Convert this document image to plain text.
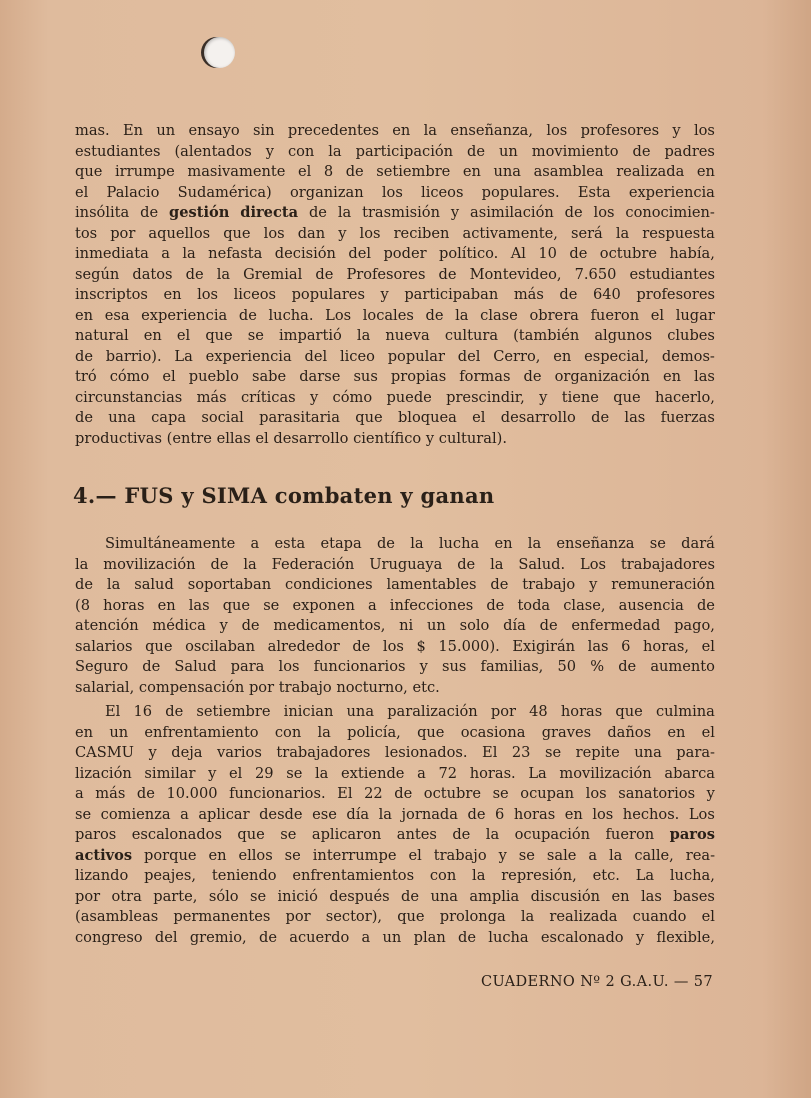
mas. En un ensayo sin precedentes en la enseñanza, los profesores y los
estudiantes (alentados y con la participación de un movimiento de padres
que irrumpe masivamente el 8 de setiembre en una asamblea realizada en
el Palacio Sudamérica) organizan los liceos populares. Esta experiencia
insólita de gestión directa de la trasmisión y asimilación de los conocimien-
tos por aquellos que los dan y los reciben activamente, será la respuesta
inmediata a la nefasta decisión del poder político. Al 10 de octubre había,
según datos de la Gremial de Profesores de Montevideo, 7.650 estudiantes
inscriptos en los liceos populares y participaban más de 640 profesores
en esa experiencia de lucha. Los locales de la clase obrera fueron el lugar
natural en el que se impartió la nueva cultura (también algunos clubes
de barrio). La experiencia del liceo popular del Cerro, en especial, demos-
tró cómo el pueblo sabe darse sus propias formas de organización en las
circunstancias más críticas y cómo puede prescindir, y tiene que hacerlo,
de una capa social parasitaria que bloquea el desarrollo de las fuerzas
productivas (entre ellas el desarrollo científico y cultural).
4.— FUS y SIMA combaten y ganan
Simultáneamente a esta etapa de la lucha en la enseñanza se dará
la movilización de la Federación Uruguaya de la Salud. Los trabajadores
de la salud soportaban condiciones lamentables de trabajo y remuneración
(8 horas en las que se exponen a infecciones de toda clase, ausencia de
atención médica y de medicamentos, ni un solo día de enfermedad pago,
salarios que oscilaban alrededor de los $ 15.000). Exigirán las 6 horas, el
Seguro de Salud para los funcionarios y sus familias, 50 % de aumento
salarial, compensación por trabajo nocturno, etc.
El 16 de setiembre inician una paralización por 48 horas que culmina
en un enfrentamiento con la policía, que ocasiona graves daños en el
CASMU y deja varios trabajadores lesionados. El 23 se repite una para-
lización similar y el 29 se la extiende a 72 horas. La movilización abarca
a más de 10.000 funcionarios. El 22 de octubre se ocupan los sanatorios y
se comienza a aplicar desde ese día la jornada de 6 horas en los hechos. Los
paros escalonados que se aplicaron antes de la ocupación fueron paros
activos porque en ellos se interrumpe el trabajo y se sale a la calle, rea-
lizando peajes, teniendo enfrentamientos con la represión, etc. La lucha,
por otra parte, sólo se inició después de una amplia discusión en las bases
(asambleas permanentes por sector), que prolonga la realizada cuando el
congreso del gremio, de acuerdo a un plan de lucha escalonado y flexible,
CUADERNO Nº 2 G.A.U. — 57
